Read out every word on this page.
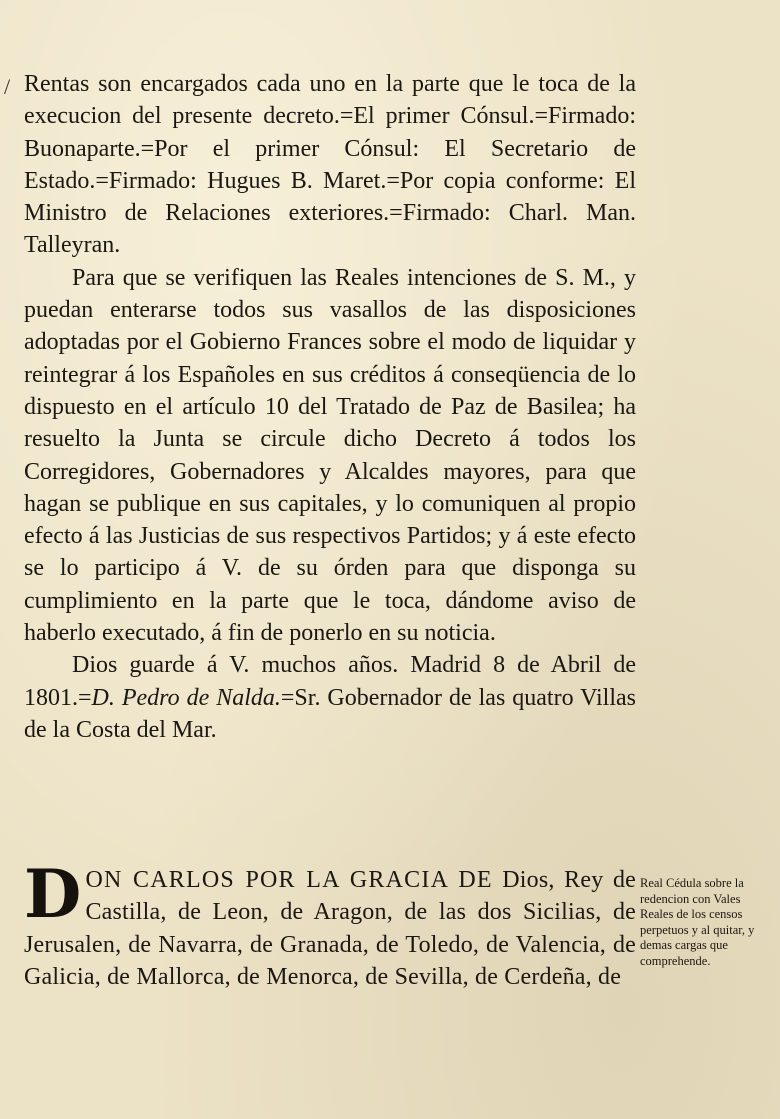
/ Rentas son encargados cada uno en la parte que le toca de la execucion del presente decreto.=El primer Cónsul.=Firmado: Buonaparte.=Por el primer Cónsul: El Secretario de Estado.=Firmado: Hugues B. Maret.=Por copia conforme: El Ministro de Relaciones exteriores.=Firmado: Charl. Man. Talleyran.

Para que se verifiquen las Reales intenciones de S. M., y puedan enterarse todos sus vasallos de las disposiciones adoptadas por el Gobierno Frances sobre el modo de liquidar y reintegrar á los Españoles en sus créditos á conseqüencia de lo dispuesto en el artículo 10 del Tratado de Paz de Basilea; ha resuelto la Junta se circule dicho Decreto á todos los Corregidores, Gobernadores y Alcaldes mayores, para que hagan se publique en sus capitales, y lo comuniquen al propio efecto á las Justicias de sus respectivos Partidos; y á este efecto se lo participo á V. de su órden para que disponga su cumplimiento en la parte que le toca, dándome aviso de haberlo executado, á fin de ponerlo en su noticia.

Dios guarde á V. muchos años. Madrid 8 de Abril de 1801.=D. Pedro de Nalda.=Sr. Gobernador de las quatro Villas de la Costa del Mar.

D ON CARLOS POR LA GRACIA DE Dios, Rey de Castilla, de Leon, de Aragon, de las dos Sicilias, de Jerusalen, de Navarra, de Granada, de Toledo, de Valencia, de Galicia, de Mallorca, de Menorca, de Sevilla, de Cerdeña, de

Real Cédula sobre la redencion con Vales Reales de los censos perpetuos y al quitar, y demas cargas que comprehende.
